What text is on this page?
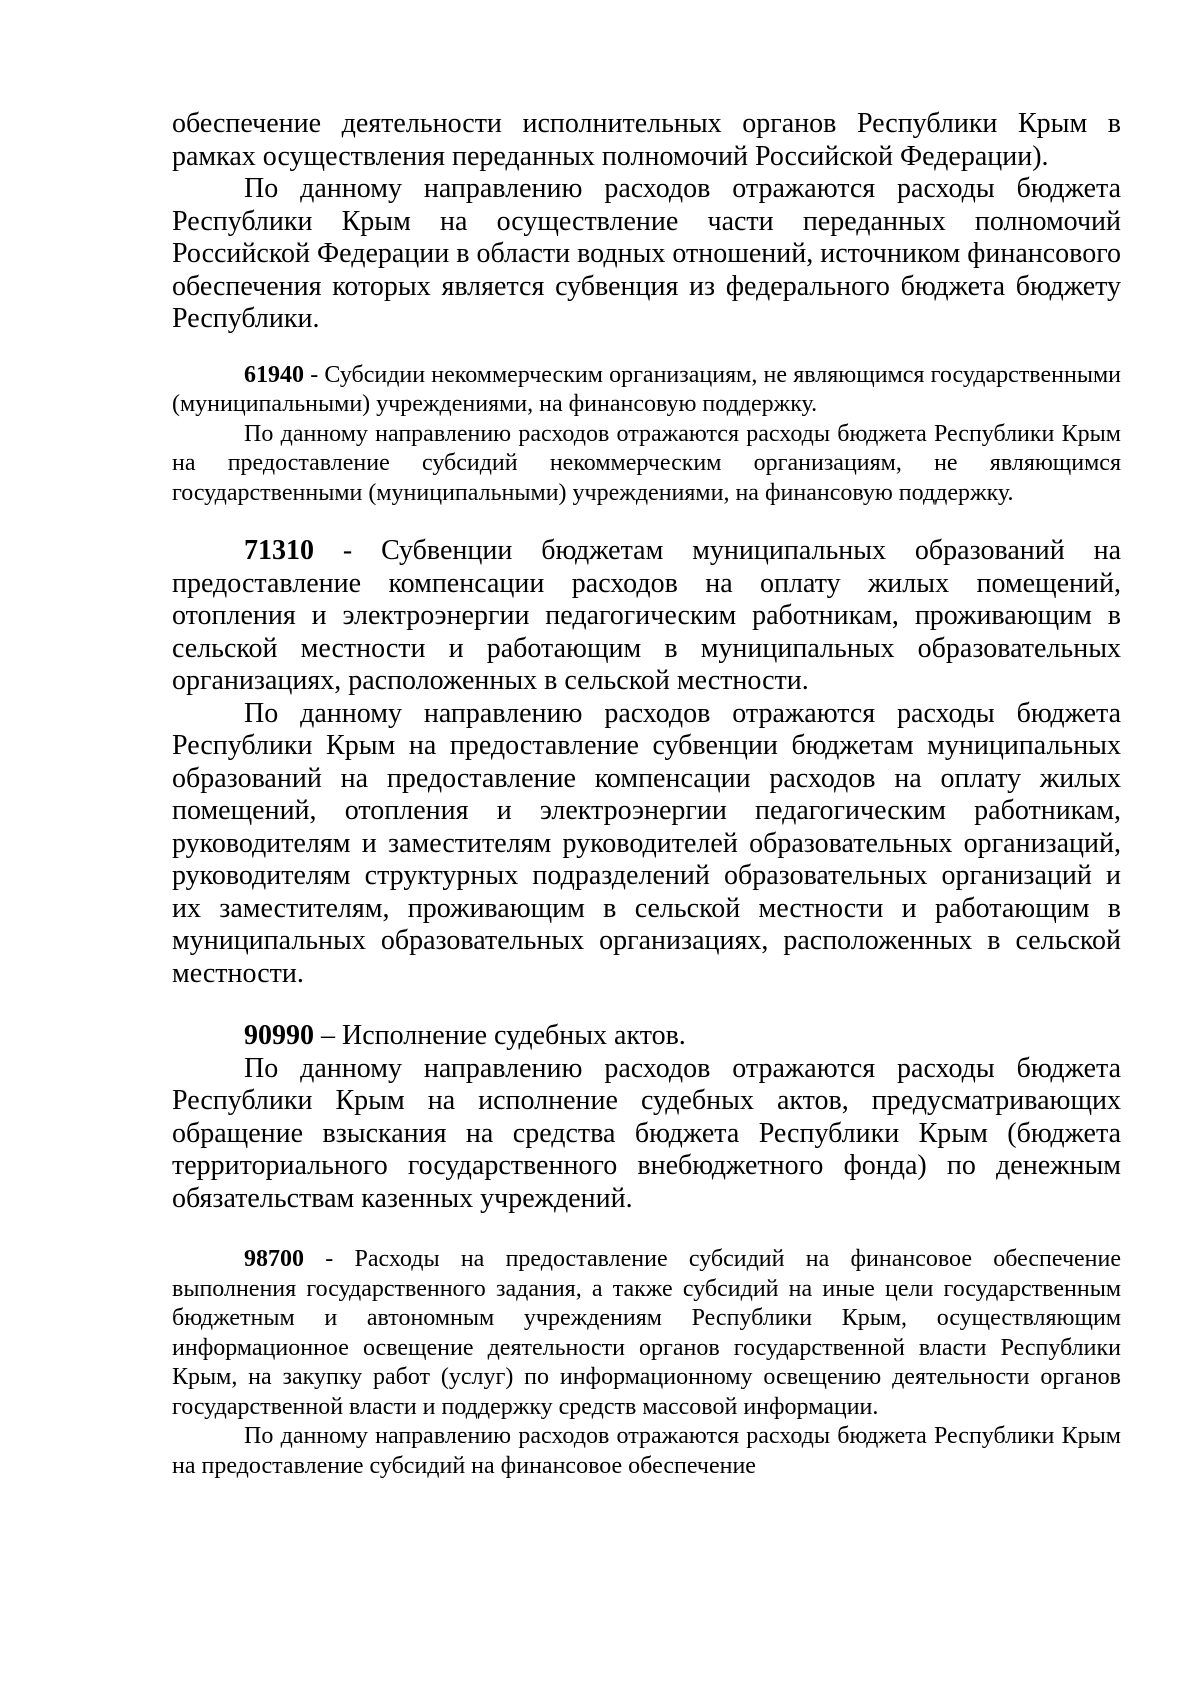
обеспечение деятельности исполнительных органов Республики Крым в рамках осуществления переданных полномочий Российской Федерации).

По данному направлению расходов отражаются расходы бюджета Республики Крым на осуществление части переданных полномочий Российской Федерации в области водных отношений, источником финансового обеспечения которых является субвенция из федерального бюджета бюджету Республики.

61940 - Субсидии некоммерческим организациям, не являющимся государственными (муниципальными) учреждениями, на финансовую поддержку.

По данному направлению расходов отражаются расходы бюджета Республики Крым на предоставление субсидий некоммерческим организациям, не являющимся государственными (муниципальными) учреждениями, на финансовую поддержку.

71310 - Субвенции бюджетам муниципальных образований на предоставление компенсации расходов на оплату жилых помещений, отопления и электроэнергии педагогическим работникам, проживающим в сельской местности и работающим в муниципальных образовательных организациях, расположенных в сельской местности.

По данному направлению расходов отражаются расходы бюджета Республики Крым на предоставление субвенции бюджетам муниципальных образований на предоставление компенсации расходов на оплату жилых помещений, отопления и электроэнергии педагогическим работникам, руководителям и заместителям руководителей образовательных организаций, руководителям структурных подразделений образовательных организаций и их заместителям, проживающим в сельской местности и работающим в муниципальных образовательных организациях, расположенных в сельской местности.

90990 – Исполнение судебных актов.

По данному направлению расходов отражаются расходы бюджета Республики Крым на исполнение судебных актов, предусматривающих обращение взыскания на средства бюджета Республики Крым (бюджета территориального государственного внебюджетного фонда) по денежным обязательствам казенных учреждений.

98700 - Расходы на предоставление субсидий на финансовое обеспечение выполнения государственного задания, а также субсидий на иные цели государственным бюджетным и автономным учреждениям Республики Крым, осуществляющим информационное освещение деятельности органов государственной власти Республики Крым, на закупку работ (услуг) по информационному освещению деятельности органов государственной власти и поддержку средств массовой информации.

По данному направлению расходов отражаются расходы бюджета Республики Крым на предоставление субсидий на финансовое обеспечение
